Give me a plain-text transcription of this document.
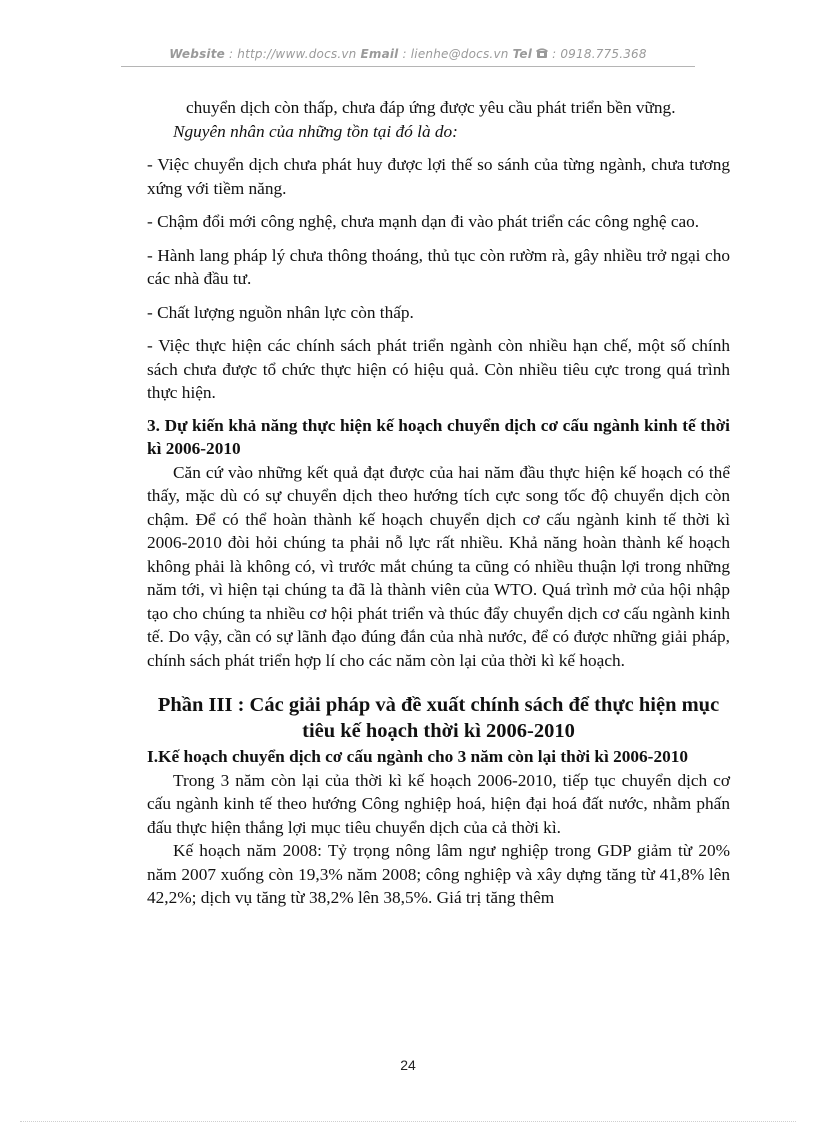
Website : http://www.docs.vn Email : lienhe@docs.vn Tel  : 0918.775.368

chuyển dịch còn thấp, chưa đáp ứng được yêu cầu phát triển bền vững.

Nguyên nhân của những tồn tại đó là do:

- Việc chuyển dịch chưa phát huy được lợi thế so sánh của từng ngành, chưa tương xứng với tiềm năng.

- Chậm đổi mới công nghệ, chưa mạnh dạn đi vào phát triển các công nghệ cao.

- Hành lang pháp lý chưa thông thoáng, thủ tục còn rườm rà, gây nhiều trở ngại cho các nhà đầu tư.

- Chất lượng nguồn nhân lực còn thấp.

- Việc thực hiện các chính sách phát triển ngành còn nhiều hạn chế, một số chính sách chưa được tổ chức thực hiện có hiệu quả. Còn nhiều tiêu cực trong quá trình thực hiện.

3. Dự kiến khả năng thực hiện kế hoạch chuyển dịch cơ cấu ngành kinh tế thời kì 2006-2010

Căn cứ vào những kết quả đạt được của hai năm đầu thực hiện kế hoạch có thể thấy, mặc dù có sự chuyển dịch theo hướng tích cực song tốc độ chuyển dịch còn chậm. Để có thể hoàn thành kế hoạch chuyển dịch cơ cấu ngành kinh tế thời kì 2006-2010 đòi hỏi chúng ta phải nỗ lực rất nhiều. Khả năng hoàn thành kế hoạch không phải là không có, vì trước mắt chúng ta cũng có nhiều thuận lợi trong những năm tới, vì hiện tại chúng ta đã là thành viên của WTO. Quá trình mở của hội nhập tạo cho chúng ta nhiều cơ hội phát triển và thúc đẩy chuyển dịch cơ cấu ngành kinh tế. Do vậy, cần có sự lãnh đạo đúng đắn của nhà nước, để có được những giải pháp, chính sách phát triển hợp lí cho các năm còn lại của thời kì kế hoạch.

Phần III : Các giải pháp và đề xuất chính sách để thực hiện mục tiêu kế hoạch thời kì 2006-2010

I.Kế hoạch chuyển dịch cơ cấu ngành cho 3 năm còn lại thời kì 2006-2010

Trong 3 năm còn lại của thời kì kế hoạch 2006-2010, tiếp tục chuyển dịch cơ cấu ngành kinh tế theo hướng Công nghiệp hoá, hiện đại hoá đất nước, nhằm phấn đấu thực hiện thắng lợi mục tiêu chuyển dịch của cả thời kì.

Kế hoạch năm 2008: Tỷ trọng nông lâm ngư nghiệp trong GDP giảm từ 20% năm 2007 xuống còn 19,3% năm 2008; công nghiệp và xây dựng tăng từ 41,8% lên 42,2%; dịch vụ tăng từ 38,2% lên 38,5%. Giá trị tăng thêm

24
